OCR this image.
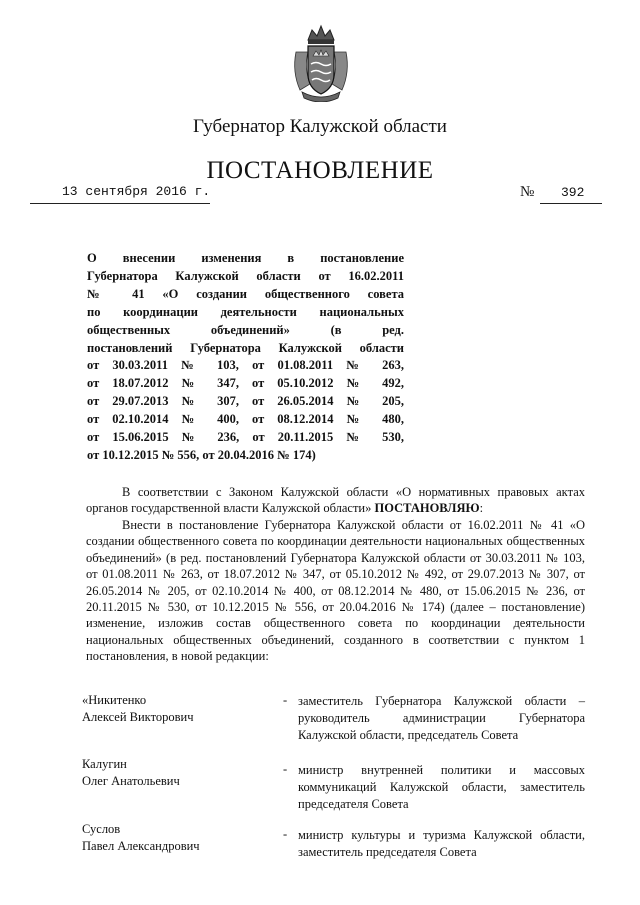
Губернатор Калужской области
ПОСТАНОВЛЕНИЕ
13 сентября 2016 г.	№ 392
О внесении изменения в постановление
Губернатора Калужской области от 16.02.2011
№ 41 «О создании общественного совета
по координации деятельности национальных
общественных объединений» (в ред.
постановлений Губернатора Калужской области
от 30.03.2011 № 103, от 01.08.2011 № 263,
от 18.07.2012 № 347, от 05.10.2012 № 492,
от 29.07.2013 № 307, от 26.05.2014 № 205,
от 02.10.2014 № 400, от 08.12.2014 № 480,
от 15.06.2015 № 236, от 20.11.2015 № 530,
от 10.12.2015 № 556, от 20.04.2016 № 174)
В соответствии с Законом Калужской области «О нормативных правовых актах органов государственной власти Калужской области» ПОСТАНОВЛЯЮ:
Внести в постановление Губернатора Калужской области от 16.02.2011 № 41 «О создании общественного совета по координации деятельности национальных общественных объединений» (в ред. постановлений Губернатора Калужской области от 30.03.2011 № 103, от 01.08.2011 № 263, от 18.07.2012 № 347, от 05.10.2012 № 492, от 29.07.2013 № 307, от 26.05.2014 № 205, от 02.10.2014 № 400, от 08.12.2014 № 480, от 15.06.2015 № 236, от 20.11.2015 № 530, от 10.12.2015 № 556, от 20.04.2016 № 174) (далее – постановление) изменение, изложив состав общественного совета по координации деятельности национальных общественных объединений, созданного в соответствии с пунктом 1 постановления, в новой редакции:
«Никитенко
Алексей Викторович
- заместитель Губернатора Калужской области – руководитель администрации Губернатора Калужской области, председатель Совета
Калугин
Олег Анатольевич
- министр внутренней политики и массовых коммуникаций Калужской области, заместитель председателя Совета
Суслов
Павел Александрович
- министр культуры и туризма Калужской области, заместитель председателя Совета
